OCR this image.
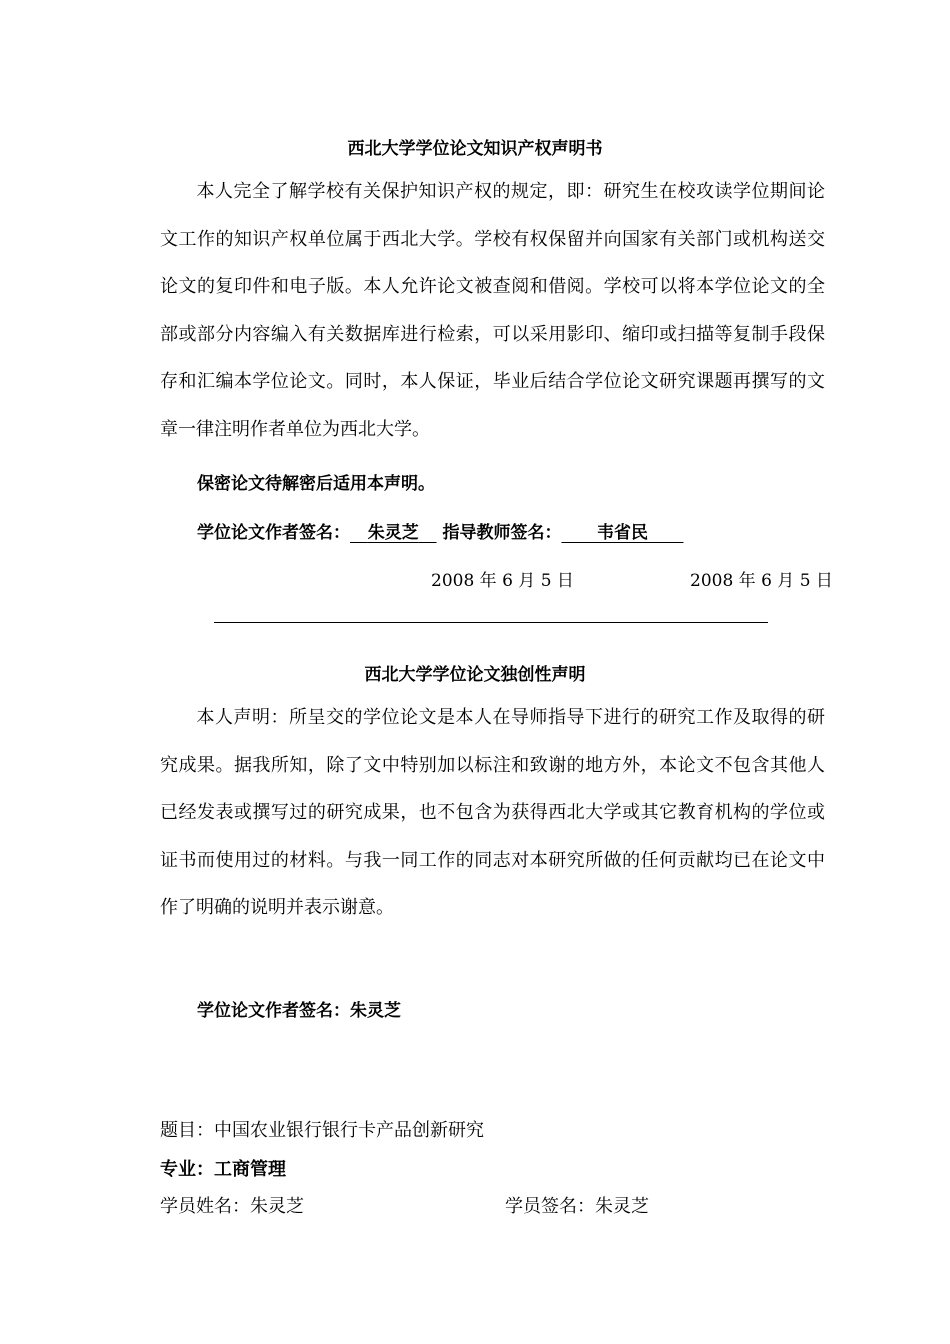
西北大学学位论文知识产权声明书
本人完全了解学校有关保护知识产权的规定，即：研究生在校攻读学位期间论文工作的知识产权单位属于西北大学。学校有权保留并向国家有关部门或机构送交论文的复印件和电子版。本人允许论文被查阅和借阅。学校可以将本学位论文的全部或部分内容编入有关数据库进行检索，可以采用影印、缩印或扫描等复制手段保存和汇编本学位论文。同时，本人保证，毕业后结合学位论文研究课题再撰写的文章一律注明作者单位为西北大学。
保密论文待解密后适用本声明。
学位论文作者签名： 朱灵芝 指导教师签名： 韦省民
2008 年 6 月 5 日	2008 年 6 月 5 日
西北大学学位论文独创性声明
本人声明：所呈交的学位论文是本人在导师指导下进行的研究工作及取得的研究成果。据我所知，除了文中特别加以标注和致谢的地方外，本论文不包含其他人已经发表或撰写过的研究成果，也不包含为获得西北大学或其它教育机构的学位或证书而使用过的材料。与我一同工作的同志对本研究所做的任何贡献均已在论文中作了明确的说明并表示谢意。
学位论文作者签名：朱灵芝
题目：中国农业银行银行卡产品创新研究
专业：工商管理
学员姓名：朱灵芝	学员签名：朱灵芝
